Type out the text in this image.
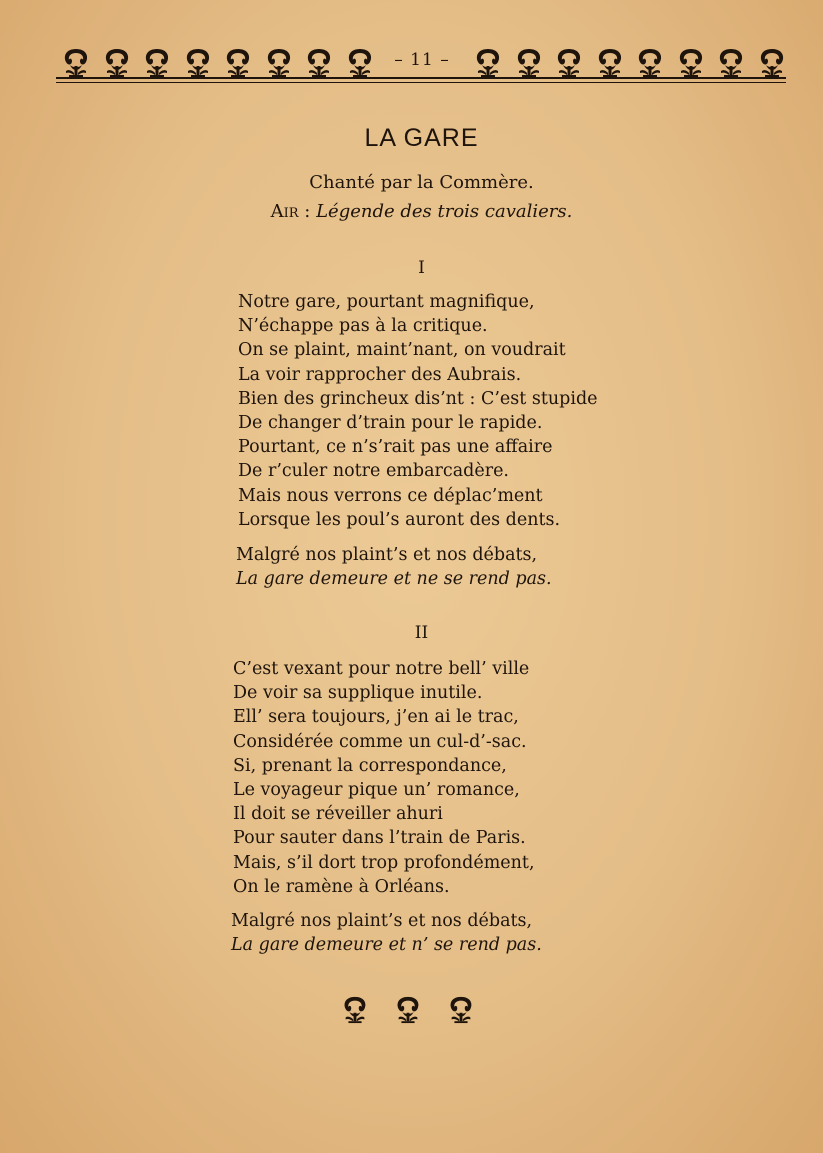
– 11 –
LA GARE
Chanté par la Commère.
Air : Légende des trois cavaliers.
I
Notre gare, pourtant magnifique,
N’échappe pas à la critique.
On se plaint, maint’nant, on voudrait
La voir rapprocher des Aubrais.
Bien des grincheux dis’nt : C’est stupide
De changer d’train pour le rapide.
Pourtant, ce n’s’rait pas une affaire
De r’culer notre embarcadère.
Mais nous verrons ce déplac’ment
Lorsque les poul’s auront des dents.
Malgré nos plaint’s et nos débats,
La gare demeure et ne se rend pas.
II
C’est vexant pour notre bell’ ville
De voir sa supplique inutile.
Ell’ sera toujours, j’en ai le trac,
Considérée comme un cul-d’-sac.
Si, prenant la correspondance,
Le voyageur pique un’ romance,
Il doit se réveiller ahuri
Pour sauter dans l’train de Paris.
Mais, s’il dort trop profondément,
On le ramène à Orléans.
Malgré nos plaint’s et nos débats,
La gare demeure et n’ se rend pas.
